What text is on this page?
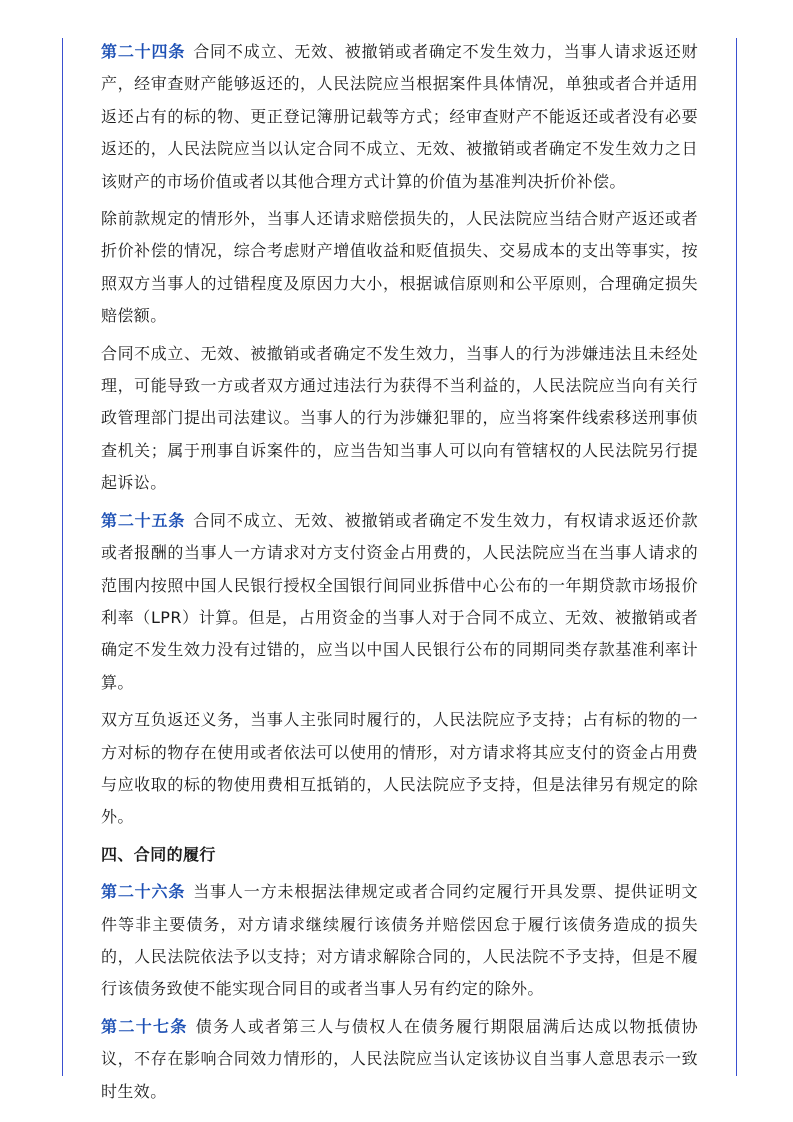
第二十四条 合同不成立、无效、被撤销或者确定不发生效力，当事人请求返还财产，经审查财产能够返还的，人民法院应当根据案件具体情况，单独或者合并适用返还占有的标的物、更正登记簿册记载等方式；经审查财产不能返还或者没有必要返还的，人民法院应当以认定合同不成立、无效、被撤销或者确定不发生效力之日该财产的市场价值或者以其他合理方式计算的价值为基准判决折价补偿。

除前款规定的情形外，当事人还请求赔偿损失的，人民法院应当结合财产返还或者折价补偿的情况，综合考虑财产增值收益和贬值损失、交易成本的支出等事实，按照双方当事人的过错程度及原因力大小，根据诚信原则和公平原则，合理确定损失赔偿额。

合同不成立、无效、被撤销或者确定不发生效力，当事人的行为涉嫌违法且未经处理，可能导致一方或者双方通过违法行为获得不当利益的，人民法院应当向有关行政管理部门提出司法建议。当事人的行为涉嫌犯罪的，应当将案件线索移送刑事侦查机关；属于刑事自诉案件的，应当告知当事人可以向有管辖权的人民法院另行提起诉讼。

第二十五条 合同不成立、无效、被撤销或者确定不发生效力，有权请求返还价款或者报酬的当事人一方请求对方支付资金占用费的，人民法院应当在当事人请求的范围内按照中国人民银行授权全国银行间同业拆借中心公布的一年期贷款市场报价利率（LPR）计算。但是，占用资金的当事人对于合同不成立、无效、被撤销或者确定不发生效力没有过错的，应当以中国人民银行公布的同期同类存款基准利率计算。

双方互负返还义务，当事人主张同时履行的，人民法院应予支持；占有标的物的一方对标的物存在使用或者依法可以使用的情形，对方请求将其应支付的资金占用费与应收取的标的物使用费相互抵销的，人民法院应予支持，但是法律另有规定的除外。

四、合同的履行

第二十六条 当事人一方未根据法律规定或者合同约定履行开具发票、提供证明文件等非主要债务，对方请求继续履行该债务并赔偿因怠于履行该债务造成的损失的，人民法院依法予以支持；对方请求解除合同的，人民法院不予支持，但是不履行该债务致使不能实现合同目的或者当事人另有约定的除外。

第二十七条 债务人或者第三人与债权人在债务履行期限届满后达成以物抵债协议，不存在影响合同效力情形的，人民法院应当认定该协议自当事人意思表示一致时生效。
